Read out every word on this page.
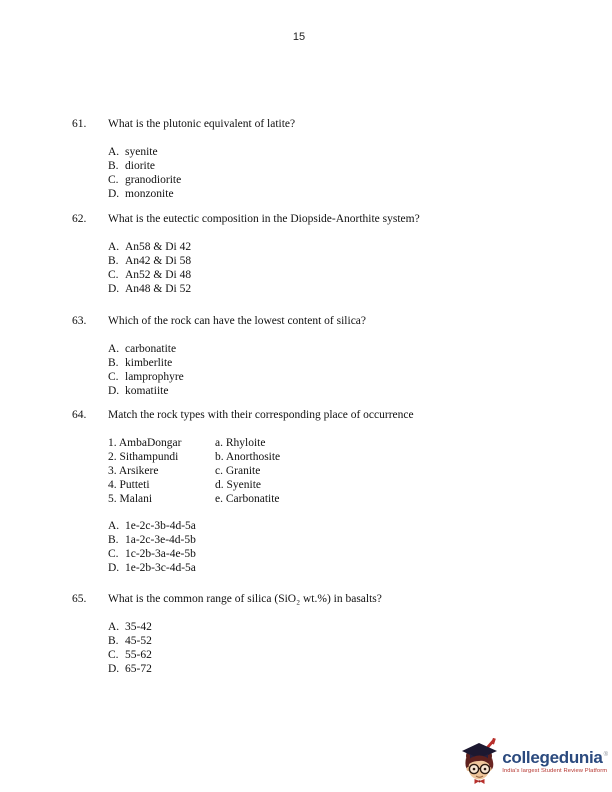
15
61.	What is the plutonic equivalent of latite?
A. syenite
B. diorite
C. granodiorite
D. monzonite
62.	What is the eutectic composition in the Diopside-Anorthite system?
A. An58 & Di 42
B. An42 & Di 58
C. An52 & Di 48
D. An48 & Di 52
63.	Which of the rock can have the lowest content of silica?
A. carbonatite
B. kimberlite
C. lamprophyre
D. komatiite
64.	Match the rock types with their corresponding place of occurrence
1. AmbaDongar	a. Rhyloite
2. Sithampundi	b. Anorthosite
3. Arsikere	c. Granite
4. Putteti	d. Syenite
5. Malani	e. Carbonatite
A. 1e-2c-3b-4d-5a
B. 1a-2c-3e-4d-5b
C. 1c-2b-3a-4e-5b
D. 1e-2b-3c-4d-5a
65.	What is the common range of silica (SiO₂ wt.%) in basalts?
A. 35-42
B. 45-52
C. 55-62
D. 65-72
collegedunia ®
India's largest Student Review Platform
